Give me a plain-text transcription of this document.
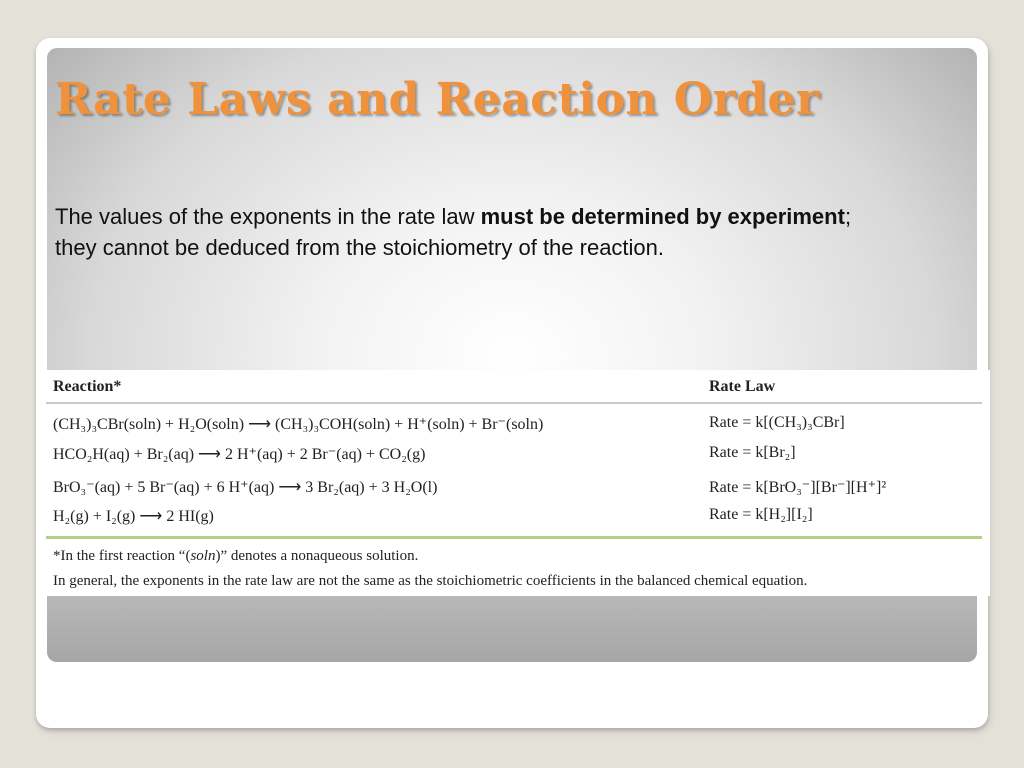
Rate Laws and Reaction Order

The values of the exponents in the rate law must be determined by experiment; they cannot be deduced from the stoichiometry of the reaction.

Reaction*	Rate Law
(CH₃)₃CBr(soln) + H₂O(soln) ⟶ (CH₃)₃COH(soln) + H⁺(soln) + Br⁻(soln)	Rate = k[(CH₃)₃CBr]
HCO₂H(aq) + Br₂(aq) ⟶ 2 H⁺(aq) + 2 Br⁻(aq) + CO₂(g)	Rate = k[Br₂]
BrO₃⁻(aq) + 5 Br⁻(aq) + 6 H⁺(aq) ⟶ 3 Br₂(aq) + 3 H₂O(l)	Rate = k[BrO₃⁻][Br⁻][H⁺]²
H₂(g) + I₂(g) ⟶ 2 HI(g)	Rate = k[H₂][I₂]
*In the first reaction “(soln)” denotes a nonaqueous solution.
In general, the exponents in the rate law are not the same as the stoichiometric coefficients in the balanced chemical equation.
